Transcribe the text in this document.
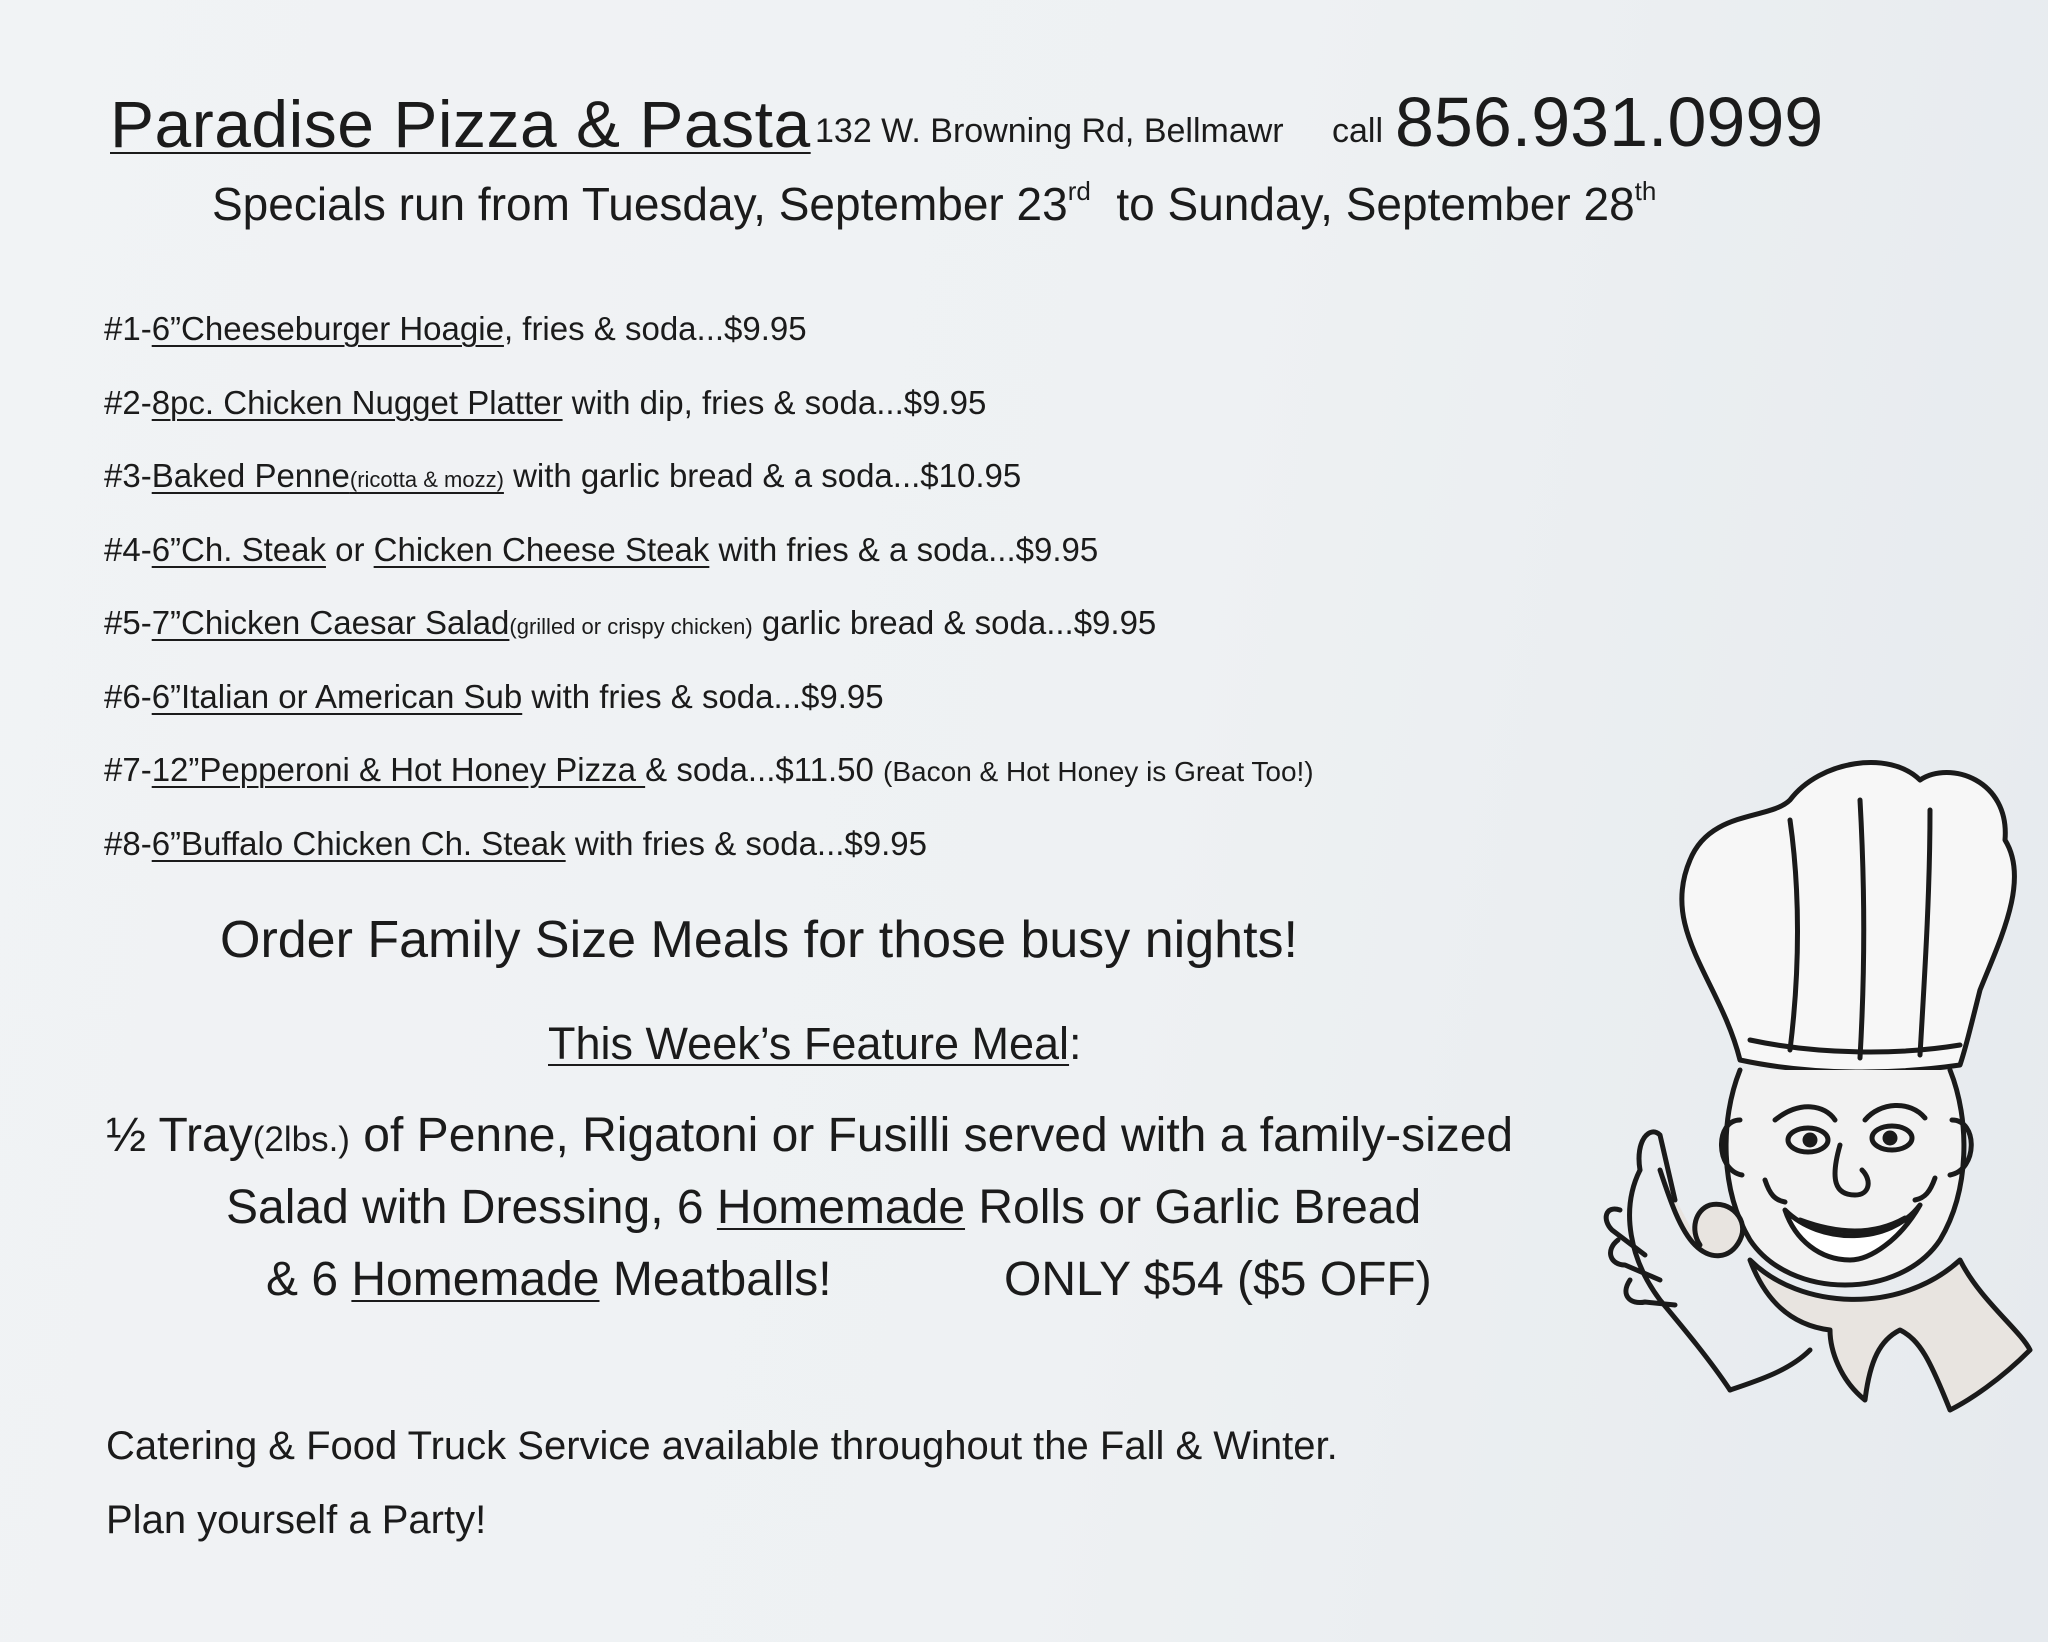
Paradise Pizza & Pasta 132 W. Browning Rd, Bellmawr call 856.931.0999
Specials run from Tuesday, September 23rd to Sunday, September 28th
#1-6”Cheeseburger Hoagie, fries & soda...$9.95
#2-8pc. Chicken Nugget Platter with dip, fries & soda...$9.95
#3-Baked Penne(ricotta & mozz) with garlic bread & a soda...$10.95
#4-6”Ch. Steak or Chicken Cheese Steak with fries & a soda...$9.95
#5-7”Chicken Caesar Salad(grilled or crispy chicken) garlic bread & soda...$9.95
#6-6”Italian or American Sub with fries & soda...$9.95
#7-12”Pepperoni & Hot Honey Pizza & soda...$11.50 (Bacon & Hot Honey is Great Too!)
#8-6”Buffalo Chicken Ch. Steak with fries & soda...$9.95
Order Family Size Meals for those busy nights!
This Week’s Feature Meal:
½ Tray(2lbs.) of Penne, Rigatoni or Fusilli served with a family-sized
Salad with Dressing, 6 Homemade Rolls or Garlic Bread
& 6 Homemade Meatballs!	ONLY $54 ($5 OFF)
Catering & Food Truck Service available throughout the Fall & Winter.
Plan yourself a Party!
